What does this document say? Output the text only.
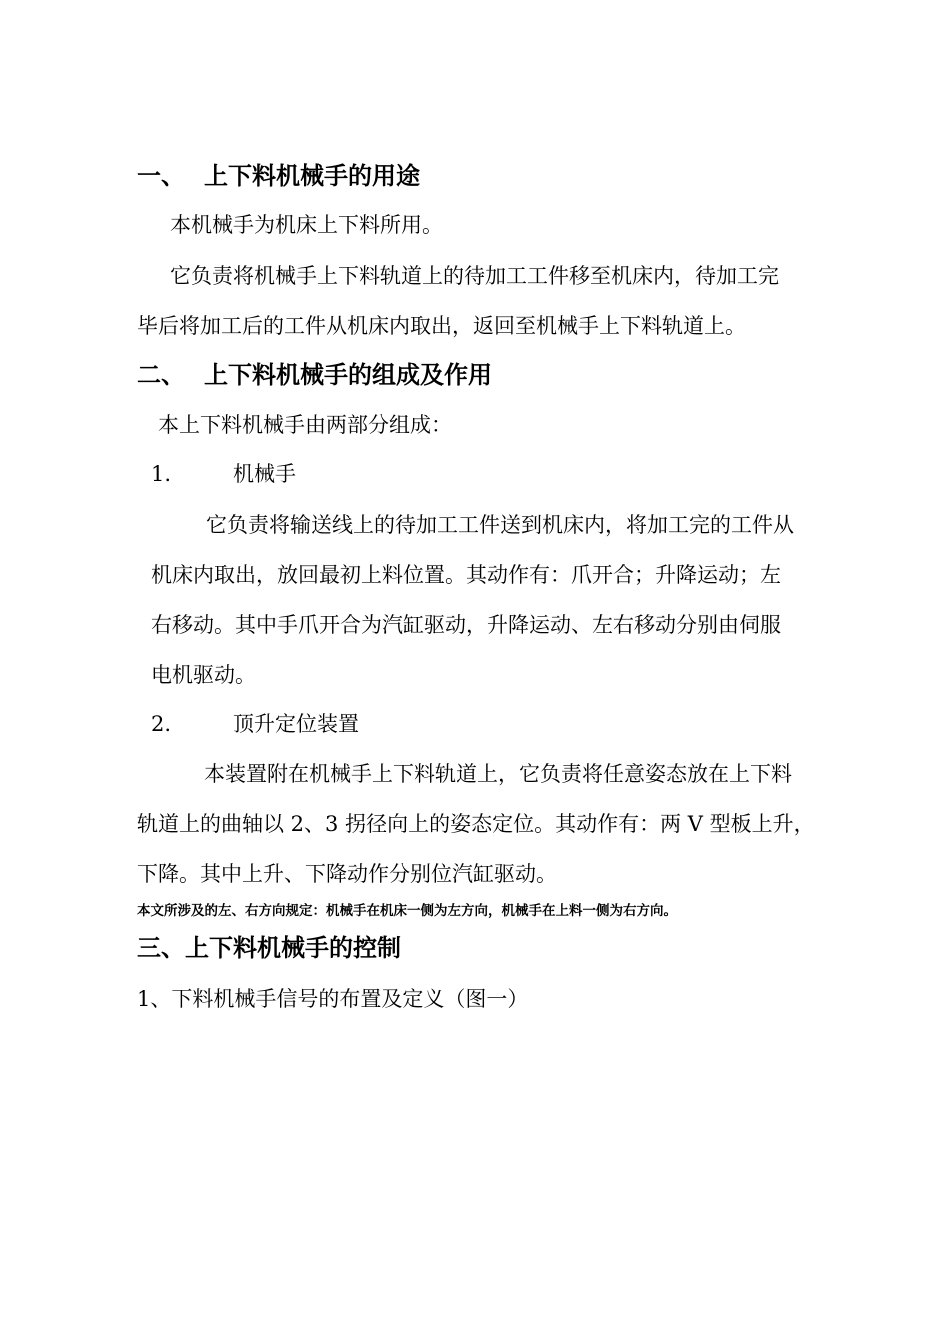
一、 上下料机械手的用途
本机械手为机床上下料所用。
它负责将机械手上下料轨道上的待加工工件移至机床内，待加工完
毕后将加工后的工件从机床内取出，返回至机械手上下料轨道上。
二、 上下料机械手的组成及作用
本上下料机械手由两部分组成：
1.	机械手
它负责将输送线上的待加工工件送到机床内，将加工完的工件从
机床内取出，放回最初上料位置。其动作有：爪开合；升降运动；左
右移动。其中手爪开合为汽缸驱动，升降运动、左右移动分别由伺服
电机驱动。
2.	顶升定位装置
本装置附在机械手上下料轨道上，它负责将任意姿态放在上下料
轨道上的曲轴以 2、3 拐径向上的姿态定位。其动作有：两 V 型板上升，
下降。其中上升、下降动作分别位汽缸驱动。
本文所涉及的左、右方向规定：机械手在机床一侧为左方向，机械手在上料一侧为右方向。
三、上下料机械手的控制
1、下料机械手信号的布置及定义（图一）
